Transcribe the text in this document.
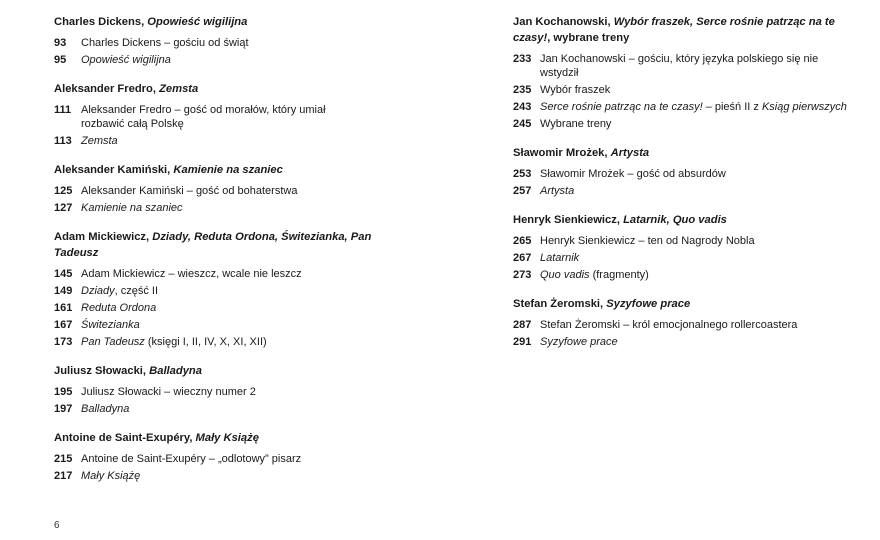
Charles Dickens, Opowieść wigilijna
93	Charles Dickens – gościu od świąt
95	Opowieść wigilijna
Aleksander Fredro, Zemsta
111 Aleksander Fredro – gość od morałów, który umiał rozbawić całą Polskę
113 Zemsta
Aleksander Kamiński, Kamienie na szaniec
125 Aleksander Kamiński – gość od bohaterstwa
127 Kamienie na szaniec
Adam Mickiewicz, Dziady, Reduta Ordona, Świtezianka, Pan Tadeusz
145 Adam Mickiewicz – wieszcz, wcale nie leszcz
149 Dziady, część II
161 Reduta Ordona
167 Świtezianka
173 Pan Tadeusz (księgi I, II, IV, X, XI, XII)
Juliusz Słowacki, Balladyna
195 Juliusz Słowacki – wieczny numer 2
197 Balladyna
Antoine de Saint-Exupéry, Mały Książę
215 Antoine de Saint-Exupéry – „odlotowy” pisarz
217 Mały Książę
Jan Kochanowski, Wybór fraszek, Serce rośnie patrząc na te czasy!, wybrane treny
233 Jan Kochanowski – gościu, który języka polskiego się nie wstydził
235 Wybór fraszek
243 Serce rośnie patrząc na te czasy! – pieśń II z Ksiąg pierwszych
245 Wybrane treny
Sławomir Mrożek, Artysta
253 Sławomir Mrożek – gość od absurdów
257 Artysta
Henryk Sienkiewicz, Latarnik, Quo vadis
265 Henryk Sienkiewicz – ten od Nagrody Nobla
267 Latarnik
273 Quo vadis (fragmenty)
Stefan Żeromski, Syzyfowe prace
287 Stefan Żeromski – król emocjonalnego rollercoastera
291 Syzyfowe prace
6
